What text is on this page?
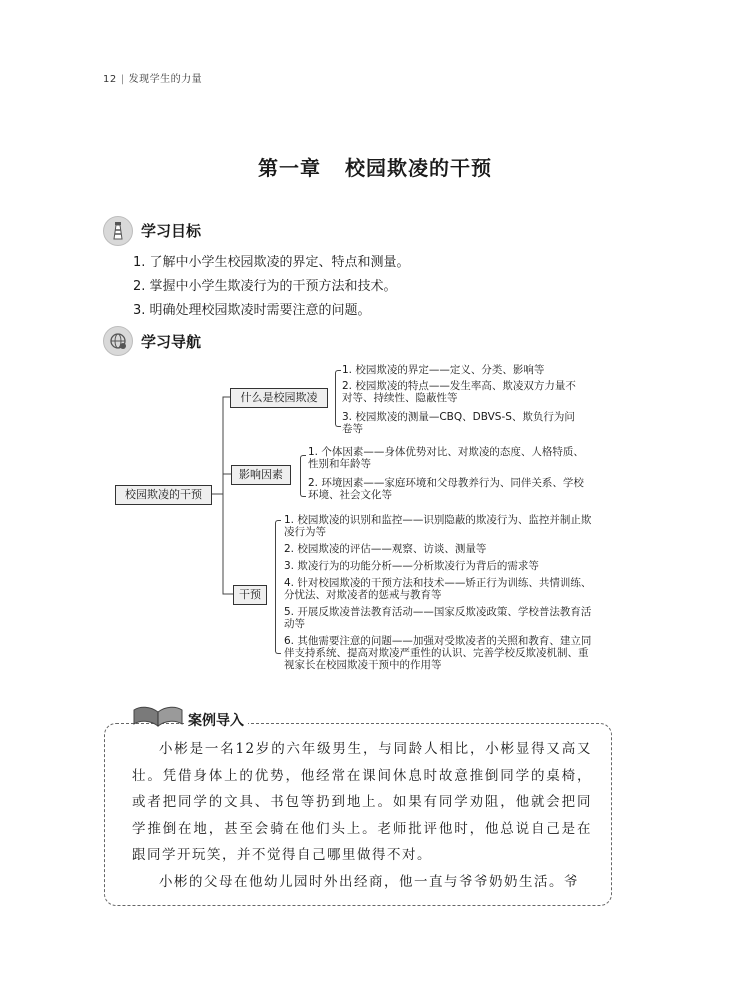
12 | 发现学生的力量
第一章 校园欺凌的干预
学习目标
1. 了解中小学生校园欺凌的界定、特点和测量。
2. 掌握中小学生欺凌行为的干预方法和技术。
3. 明确处理校园欺凌时需要注意的问题。
学习导航
校园欺凌的干预
什么是校园欺凌
1. 校园欺凌的界定——定义、分类、影响等
2. 校园欺凌的特点——发生率高、欺凌双方力量不对等、持续性、隐蔽性等
3. 校园欺凌的测量—CBQ、DBVS-S、欺负行为问卷等
影响因素
1. 个体因素——身体优势对比、对欺凌的态度、人格特质、性别和年龄等
2. 环境因素——家庭环境和父母教养行为、同伴关系、学校环境、社会文化等
干预
1. 校园欺凌的识别和监控——识别隐蔽的欺凌行为、监控并制止欺凌行为等
2. 校园欺凌的评估——观察、访谈、测量等
3. 欺凌行为的功能分析——分析欺凌行为背后的需求等
4. 针对校园欺凌的干预方法和技术——矫正行为训练、共情训练、分忧法、对欺凌者的惩戒与教育等
5. 开展反欺凌普法教育活动——国家反欺凌政策、学校普法教育活动等
6. 其他需要注意的问题——加强对受欺凌者的关照和教育、建立同伴支持系统、提高对欺凌严重性的认识、完善学校反欺凌机制、重视家长在校园欺凌干预中的作用等
案例导入

小彬是一名12岁的六年级男生，与同龄人相比，小彬显得又高又壮。凭借身体上的优势，他经常在课间休息时故意推倒同学的桌椅，或者把同学的文具、书包等扔到地上。如果有同学劝阻，他就会把同学推倒在地，甚至会骑在他们头上。老师批评他时，他总说自己是在跟同学开玩笑，并不觉得自己哪里做得不对。

小彬的父母在他幼儿园时外出经商，他一直与爷爷奶奶生活。爷
